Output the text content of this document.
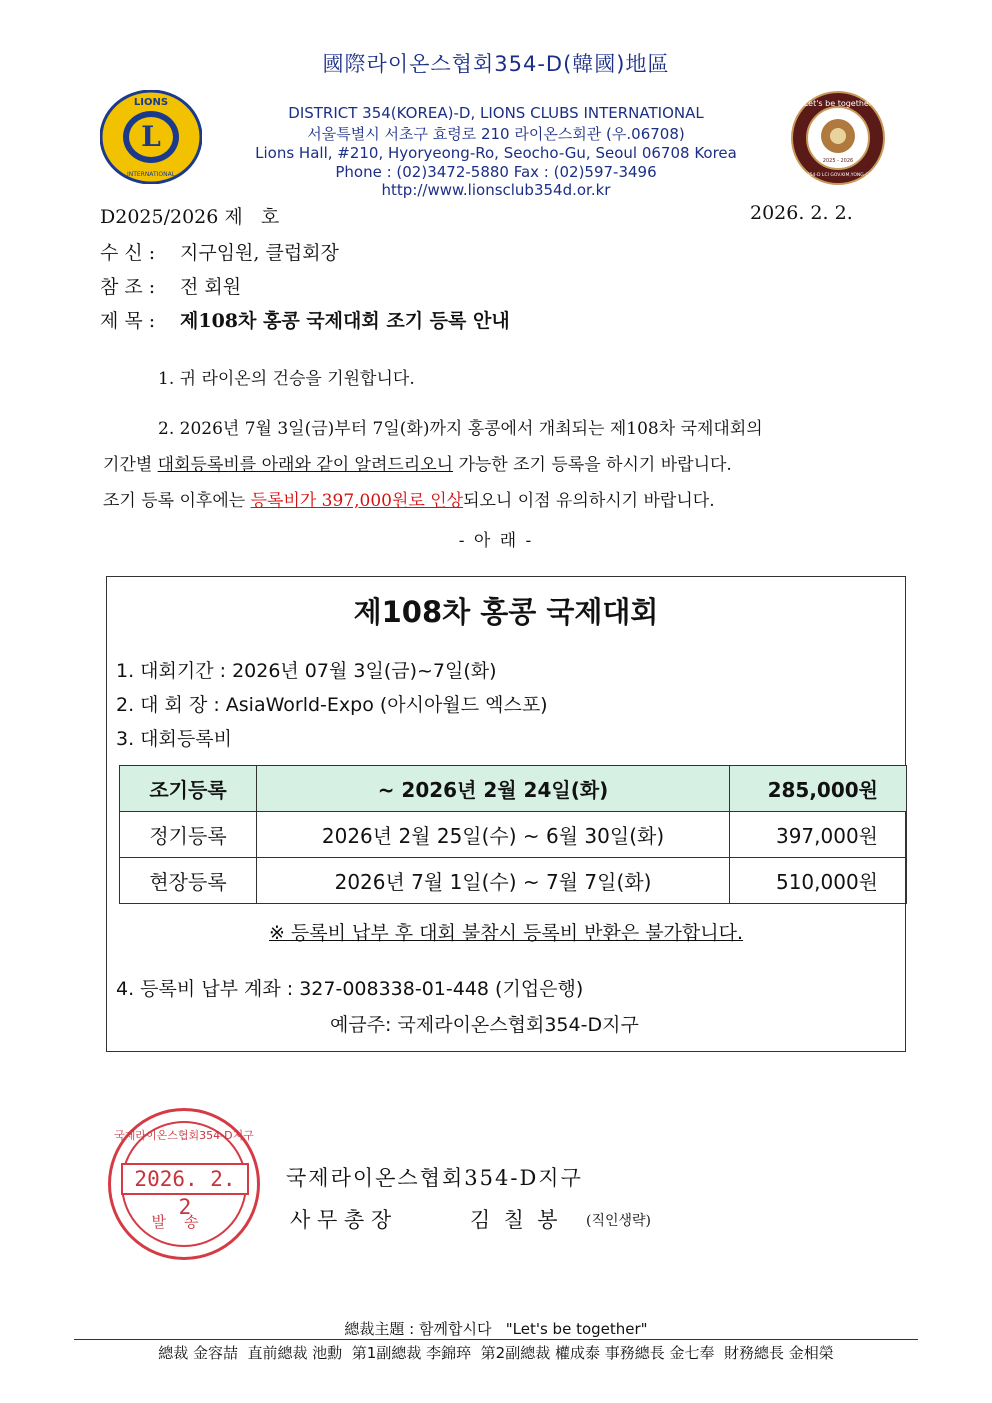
L
LIONS
INTERNATIONAL
Let's be together
2025 - 2026
DIST-354-D LCI GOV.KIM,YONG-CHEOL
國際라이온스협회354-D(韓國)地區
DISTRICT 354(KOREA)-D, LIONS CLUBS INTERNATIONAL
서울특별시 서초구 효령로 210 라이온스회관 (우.06708)
Lions Hall, #210, Hyoryeong-Ro, Seocho-Gu, Seoul 06708 Korea
Phone : (02)3472-5880 Fax : (02)597-3496
http://www.lionsclub354d.or.kr
D2025/2026 제   호	2026. 2. 2.
수 신 : 지구임원, 클럽회장
참 조 : 전 회원
제 목 : 제108차 홍콩 국제대회 조기 등록 안내
1. 귀 라이온의 건승을 기원합니다.
2. 2026년 7월 3일(금)부터 7일(화)까지 홍콩에서 개최되는 제108차 국제대회의
기간별 대회등록비를 아래와 같이 알려드리오니 가능한 조기 등록을 하시기 바랍니다.
조기 등록 이후에는 등록비가 397,000원로 인상되오니 이점 유의하시기 바랍니다.
- 아 래 -
제108차 홍콩 국제대회
1. 대회기간 : 2026년 07월 3일(금)~7일(화)
2. 대 회 장 : AsiaWorld-Expo (아시아월드 엑스포)
3. 대회등록비
조기등록	~ 2026년 2월 24일(화)	285,000원
정기등록	2026년 2월 25일(수) ~ 6월 30일(화)	397,000원
현장등록	2026년 7월 1일(수) ~ 7월 7일(화)	510,000원
※ 등록비 납부 후 대회 불참시 등록비 반환은 불가합니다.
4. 등록비 납부 계좌 : 327-008338-01-448 (기업은행)
예금주: 국제라이온스협회354-D지구
국제라이온스협회354-D지구
2026. 2. 2
발송
국제라이온스협회354-D지구
사 무 총 장	김  칠  봉 (직인생략)
總裁主題 : 함께합시다   "Let's be together"
總裁 金容喆  直前總裁 池勳  第1副總裁 李錦琗  第2副總裁 權成泰 事務總長 金七奉  財務總長 金相榮
